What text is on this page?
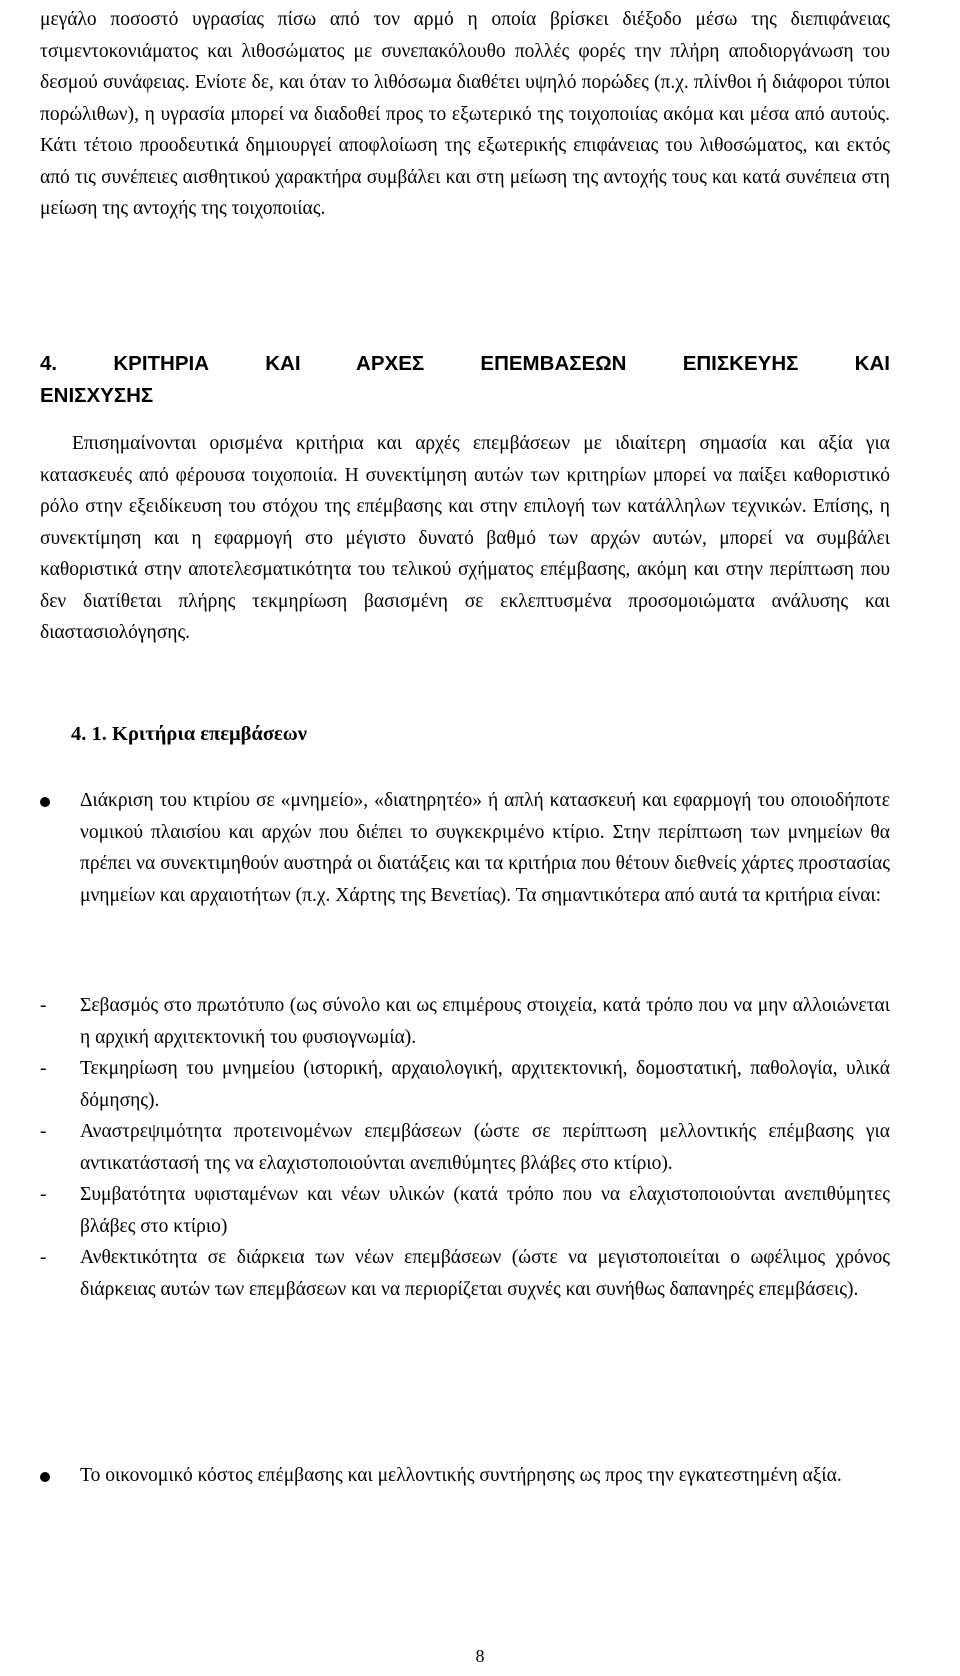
μεγάλο ποσοστό υγρασίας πίσω από τον αρμό η οποία βρίσκει διέξοδο μέσω της διεπιφάνειας τσιμεντοκονιάματος και λιθοσώματος με συνεπακόλουθο πολλές φορές την πλήρη αποδιοργάνωση του δεσμού συνάφειας. Ενίοτε δε, και όταν το λιθόσωμα διαθέτει υψηλό πορώδες (π.χ. πλίνθοι ή διάφοροι τύποι πορώλιθων), η υγρασία μπορεί να διαδοθεί προς το εξωτερικό της τοιχοποιίας ακόμα και μέσα από αυτούς. Κάτι τέτοιο προοδευτικά δημιουργεί αποφλοίωση της εξωτερικής επιφάνειας του λιθοσώματος, και εκτός από τις συνέπειες αισθητικού χαρακτήρα συμβάλει και στη μείωση της αντοχής τους και κατά συνέπεια στη μείωση της αντοχής της τοιχοποιίας.

4. ΚΡΙΤΗΡΙΑ ΚΑΙ ΑΡΧΕΣ ΕΠΕΜΒΑΣΕΩΝ ΕΠΙΣΚΕΥΗΣ ΚΑΙ
ΕΝΙΣΧΥΣΗΣ

Επισημαίνονται ορισμένα κριτήρια και αρχές επεμβάσεων με ιδιαίτερη σημασία και αξία για κατασκευές από φέρουσα τοιχοποιία. Η συνεκτίμηση αυτών των κριτηρίων μπορεί να παίξει καθοριστικό ρόλο στην εξειδίκευση του στόχου της επέμβασης και στην επιλογή των κατάλληλων τεχνικών. Επίσης, η συνεκτίμηση και η εφαρμογή στο μέγιστο δυνατό βαθμό των αρχών αυτών, μπορεί να συμβάλει καθοριστικά στην αποτελεσματικότητα του τελικού σχήματος επέμβασης, ακόμη και στην περίπτωση που δεν διατίθεται πλήρης τεκμηρίωση βασισμένη σε εκλεπτυσμένα προσομοιώματα ανάλυσης και διαστασιολόγησης.

4. 1. Κριτήρια επεμβάσεων
Διάκριση του κτιρίου σε «μνημείο», «διατηρητέο» ή απλή κατασκευή και εφαρμογή του οποιοδήποτε νομικού πλαισίου και αρχών που διέπει το συγκεκριμένο κτίριο. Στην περίπτωση των μνημείων θα πρέπει να συνεκτιμηθούν αυστηρά οι διατάξεις και τα κριτήρια που θέτουν διεθνείς χάρτες προστασίας μνημείων και αρχαιοτήτων (π.χ. Χάρτης της Βενετίας). Τα σημαντικότερα από αυτά τα κριτήρια είναι:
- Σεβασμός στο πρωτότυπο (ως σύνολο και ως επιμέρους στοιχεία, κατά τρόπο που να μην αλλοιώνεται η αρχική αρχιτεκτονική του φυσιογνωμία).
- Τεκμηρίωση του μνημείου (ιστορική, αρχαιολογική, αρχιτεκτονική, δομοστατική, παθολογία, υλικά δόμησης).
- Αναστρεψιμότητα προτεινομένων επεμβάσεων (ώστε σε περίπτωση μελλοντικής επέμβασης για αντικατάστασή της να ελαχιστοποιούνται ανεπιθύμητες βλάβες στο κτίριο).
- Συμβατότητα υφισταμένων και νέων υλικών (κατά τρόπο που να ελαχιστοποιούνται ανεπιθύμητες βλάβες στο κτίριο)
- Ανθεκτικότητα σε διάρκεια των νέων επεμβάσεων (ώστε να μεγιστοποιείται ο ωφέλιμος χρόνος διάρκειας αυτών των επεμβάσεων και να περιορίζεται συχνές και συνήθως δαπανηρές επεμβάσεις).
Το οικονομικό κόστος επέμβασης και μελλοντικής συντήρησης ως προς την εγκατεστημένη αξία.
8
